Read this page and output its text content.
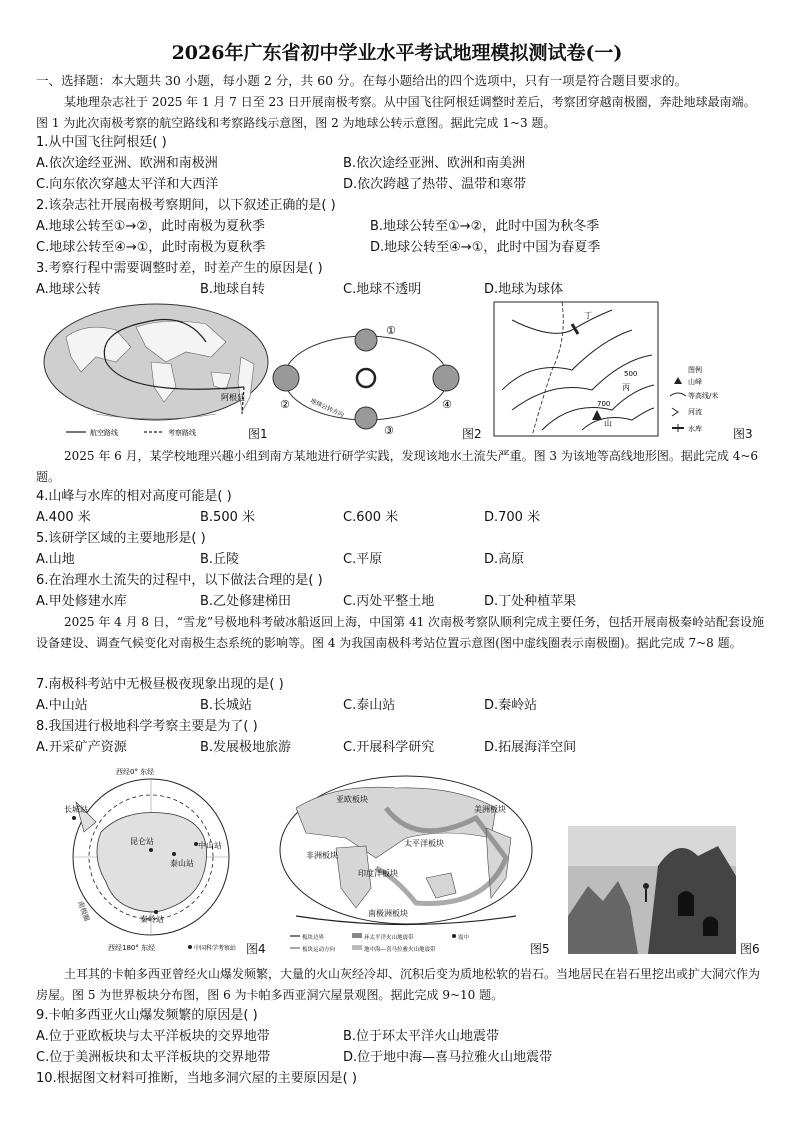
2026年广东省初中学业水平考试地理模拟测试卷(一)
一、选择题：本大题共 30 小题，每小题 2 分，共 60 分。在每小题给出的四个选项中，只有一项是符合题目要求的。
某地理杂志社于 2025 年 1 月 7 日至 23 日开展南极考察。从中国飞往阿根廷调整时差后，考察团穿越南极圈，奔赴地球最南端。图 1 为此次南极考察的航空路线和考察路线示意图，图 2 为地球公转示意图。据此完成 1~3 题。
1.从中国飞往阿根廷( )
A.依次途经亚洲、欧洲和南极洲	B.依次途经亚洲、欧洲和南美洲
C.向东依次穿越太平洋和大西洋	D.依次跨越了热带、温带和寒带
2.该杂志社开展南极考察期间，以下叙述正确的是( )
A.地球公转至①→②，此时南极为夏秋季	B.地球公转至①→②，此时中国为秋冬季
C.地球公转至④→①，此时南极为夏秋季	D.地球公转至④→①，此时中国为春夏季
3.考察行程中需要调整时差，时差产生的原因是( )
A.地球公转	B.地球自转	C.地球不透明	D.地球为球体
阿根廷
航空路线	考察路线	图1
①
②
③
④
地球公转方向
图2
丁
丙
山
500
700
图例
山峰
等高线/米
河流
水库	图3
2025 年 6 月，某学校地理兴趣小组到南方某地进行研学实践，发现该地水土流失严重。图 3 为该地等高线地形图。据此完成 4~6 题。
4.山峰与水库的相对高度可能是( )
A.400 米	B.500 米	C.600 米	D.700 米
5.该研学区域的主要地形是( )
A.山地	B.丘陵	C.平原	D.高原
6.在治理水土流失的过程中，以下做法合理的是( )
A.甲处修建水库	B.乙处修建梯田	C.丙处平整土地	D.丁处种植苹果
2025 年 4 月 8 日，“雪龙”号极地科考破冰船返回上海，中国第 41 次南极考察队顺利完成主要任务，包括开展南极秦岭站配套设施设备建设、调查气候变化对南极生态系统的影响等。图 4 为我国南极科考站位置示意图(图中虚线圈表示南极圈)。据此完成 7~8 题。
7.南极科考站中无极昼极夜现象出现的是( )
A.中山站	B.长城站	C.泰山站	D.秦岭站
8.我国进行极地科学考察主要是为了( )
A.开采矿产资源	B.发展极地旅游	C.开展科学研究	D.拓展海洋空间
西经0° 东经
长城站
昆仑站	中山站
泰山站
秦岭站
南极圈
西经180° 东经	中国科学考察站 图4
亚欧板块
太平洋板块
印度洋板块
南极洲板块
非洲板块
美洲板块
板块边界	环太平洋火山地震带	震中
板块运动方向	地中海—喜马拉雅火山地震带	图5	图6
土耳其的卡帕多西亚曾经火山爆发频繁，大量的火山灰经冷却、沉积后变为质地松软的岩石。当地居民在岩石里挖出或扩大洞穴作为房屋。图 5 为世界板块分布图，图 6 为卡帕多西亚洞穴屋景观图。据此完成 9~10 题。
9.卡帕多西亚火山爆发频繁的原因是( )
A.位于亚欧板块与太平洋板块的交界地带	B.位于环太平洋火山地震带
C.位于美洲板块和太平洋板块的交界地带	D.位于地中海—喜马拉雅火山地震带
10.根据图文材料可推断，当地多洞穴屋的主要原因是( )
